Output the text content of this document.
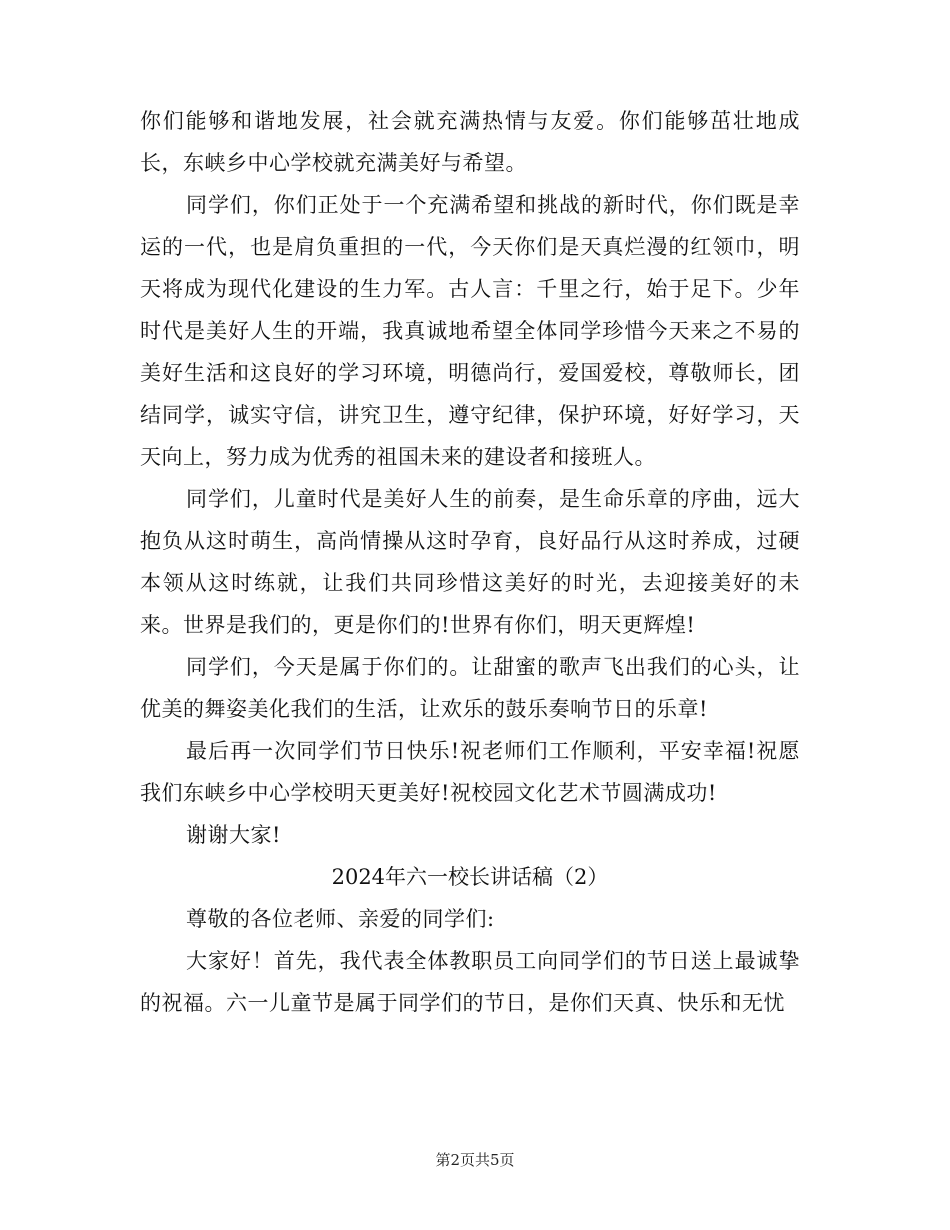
你们能够和谐地发展，社会就充满热情与友爱。你们能够茁壮地成长，东峡乡中心学校就充满美好与希望。

同学们，你们正处于一个充满希望和挑战的新时代，你们既是幸运的一代，也是肩负重担的一代，今天你们是天真烂漫的红领巾，明天将成为现代化建设的生力军。古人言：千里之行，始于足下。少年时代是美好人生的开端，我真诚地希望全体同学珍惜今天来之不易的美好生活和这良好的学习环境，明德尚行，爱国爱校，尊敬师长，团结同学，诚实守信，讲究卫生，遵守纪律，保护环境，好好学习，天天向上，努力成为优秀的祖国未来的建设者和接班人。

同学们，儿童时代是美好人生的前奏，是生命乐章的序曲，远大抱负从这时萌生，高尚情操从这时孕育，良好品行从这时养成，过硬本领从这时练就，让我们共同珍惜这美好的时光，去迎接美好的未来。世界是我们的，更是你们的!世界有你们，明天更辉煌!

同学们，今天是属于你们的。让甜蜜的歌声飞出我们的心头，让优美的舞姿美化我们的生活，让欢乐的鼓乐奏响节日的乐章!

最后再一次同学们节日快乐!祝老师们工作顺利，平安幸福!祝愿我们东峡乡中心学校明天更美好!祝校园文化艺术节圆满成功!

谢谢大家!

2024年六一校长讲话稿（2）

尊敬的各位老师、亲爱的同学们:

大家好！首先，我代表全体教职员工向同学们的节日送上最诚挚的祝福。六一儿童节是属于同学们的节日，是你们天真、快乐和无忧

第2页共5页
